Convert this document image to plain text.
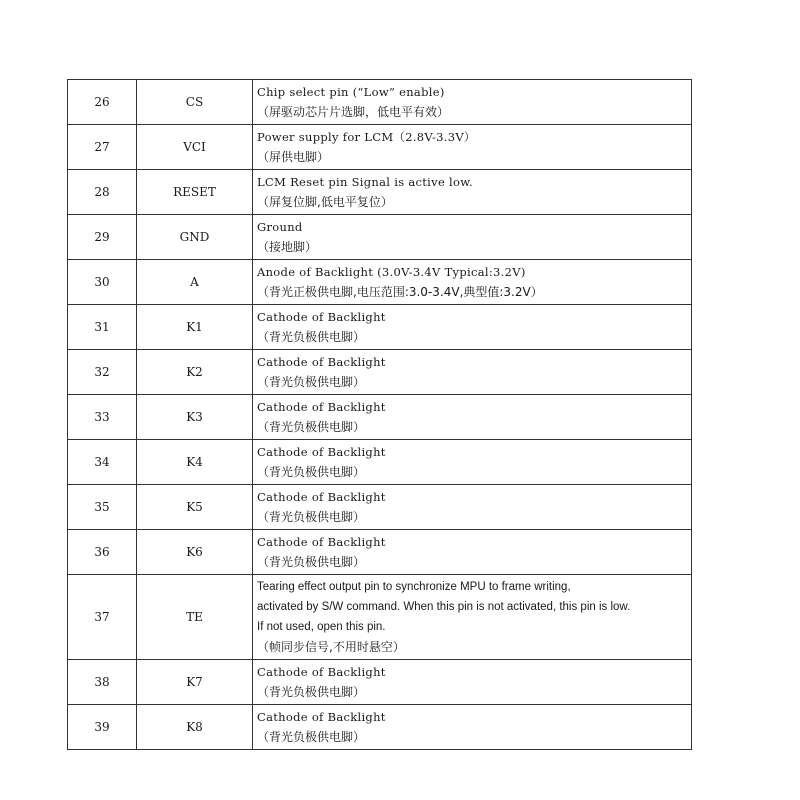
26	CS	Chip select pin (“Low” enable)
（屏驱动芯片片选脚，低电平有效）

27	VCI	Power supply for LCM（2.8V-3.3V）
（屏供电脚）

28	RESET	LCM Reset pin Signal is active low.
（屏复位脚,低电平复位）

29	GND	Ground
（接地脚）

30	A	Anode of Backlight (3.0V-3.4V Typical:3.2V)
（背光正极供电脚,电压范围:3.0-3.4V,典型值:3.2V）

31	K1	Cathode of Backlight
（背光负极供电脚）

32	K2	Cathode of Backlight
（背光负极供电脚）

33	K3	Cathode of Backlight
（背光负极供电脚）

34	K4	Cathode of Backlight
（背光负极供电脚）

35	K5	Cathode of Backlight
（背光负极供电脚）

36	K6	Cathode of Backlight
（背光负极供电脚）

37	TE	Tearing effect output pin to synchronize MPU to frame writing,
activated by S/W command. When this pin is not activated, this pin is low.
If not used, open this pin.
（帧同步信号,不用时悬空）

38	K7	Cathode of Backlight
（背光负极供电脚）

39	K8	Cathode of Backlight
（背光负极供电脚）
